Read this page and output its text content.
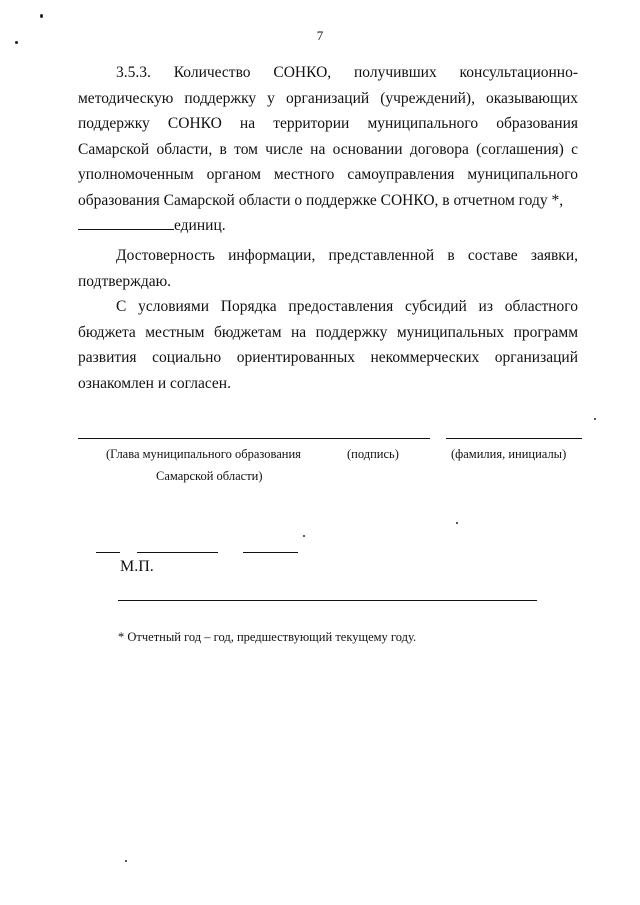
7

3.5.3. Количество СОНКО, получивших консультационно-методическую поддержку у организаций (учреждений), оказывающих поддержку СОНКО на территории муниципального образования Самарской области, в том числе на основании договора (соглашения) с уполномоченным органом местного самоуправления муниципального образования Самарской области о поддержке СОНКО, в отчетном году *,
единиц.

Достоверность информации, представленной в составе заявки, подтверждаю.

С условиями Порядка предоставления субсидий из областного бюджета местным бюджетам на поддержку муниципальных программ развития социально ориентированных некоммерческих организаций ознакомлен и согласен.

(Глава муниципального образования
Самарской области)
(подпись)	(фамилия, инициалы)
М.П.
* Отчетный год – год, предшествующий текущему году.
